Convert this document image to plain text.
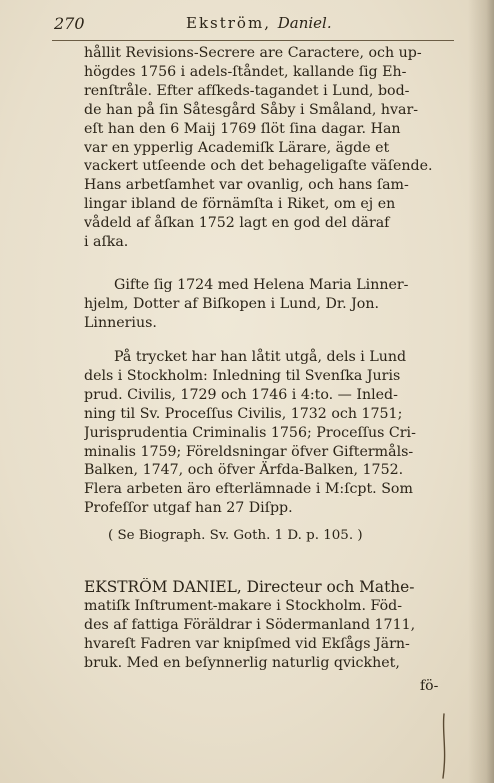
270	Ekström, Daniel.
hållit Revisions-Secrere are Caractere, och up-
högdes 1756 i adels-ſtåndet, kallande ſig Eh-
renſtråle. Efter afſkeds-tagandet i Lund, bod-
de han på ſin Såtesgård Såby i Småland, hvar-
eſt han den 6 Maij 1769 ſlöt ſina dagar. Han
var en ypperlig Academiſk Lärare, ägde et
vackert utſeende och det behageligaſte väſende.
Hans arbetſamhet var ovanlig, och hans ſam-
lingar ibland de förnämſta i Riket, om ej en
vådeld af åſkan 1752 lagt en god del däraf
i aſka.
Gifte ſig 1724 med Helena Maria Linner-
hjelm, Dotter af Biſkopen i Lund, Dr. Jon.
Linnerius.
På trycket har han låtit utgå, dels i Lund
dels i Stockholm: Inledning til Svenſka Juris
prud. Civilis, 1729 och 1746 i 4:to. — Inled-
ning til Sv. Proceſſus Civilis, 1732 och 1751;
Jurisprudentia Criminalis 1756; Proceſſus Cri-
minalis 1759; Föreldsningar öfver Giftermåls-
Balken, 1747, och öfver Ärfda-Balken, 1752.
Flera arbeten äro efterlämnade i M:ſcpt. Som
Profeſſor utgaf han 27 Diſpp.
( Se Biograph. Sv. Goth. 1 D. p. 105. )
EKSTRÖM DANIEL, Directeur och Mathe-
matiſk Inſtrument-makare i Stockholm. Föd-
des af fattiga Föräldrar i Södermanland 1711,
hvareſt Fadren var knipſmed vid Ekſågs Järn-
bruk. Med en beſynnerlig naturlig qvickhet,
fö-
